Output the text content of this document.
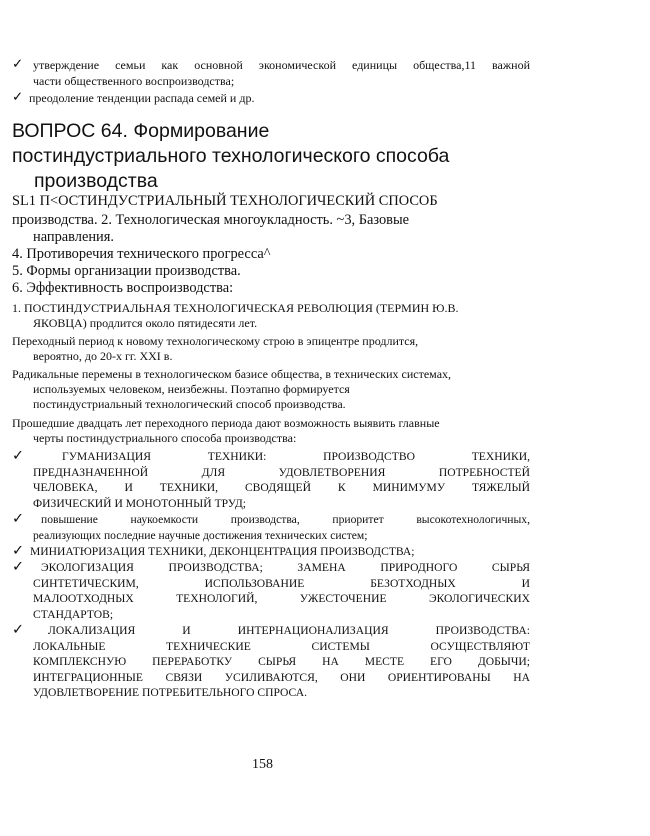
✓ утверждение семьи как основной экономической единицы общества,11 важной
части общественного воспроизводства;
✓ преодоление тенденции распада семей и др.
ВОПРОС 64. Формирование
постиндустриального технологического способа
производства
SL1 П<ОСТИНДУСТРИАЛЬНЫЙ ТЕХНОЛОГИЧЕСКИЙ СПОСОБ
производства. 2. Технологическая многоукладность. ~3, Базовые
направления.
4. Противоречия технического прогресса^
5. Формы организации производства.
6. Эффективность воспроизводства:
1. ПОСТИНДУСТРИАЛЬНАЯ ТЕХНОЛОГИЧЕСКАЯ РЕВОЛЮЦИЯ (ТЕРМИН Ю.В.
ЯКОВЦА) продлится около пятидесяти лет.
Переходный период к новому технологическому строю в эпицентре продлится,
вероятно, до 20-х гг. XXI в.
Радикальные перемены в технологическом базисе общества, в технических системах,
используемых человеком, неизбежны. Поэтапно формируется
постиндустриальный технологический способ производства.
Прошедшие двадцать лет переходного периода дают возможность выявить главные
черты постиндустриального способа производства:
✓	ГУМАНИЗАЦИЯ ТЕХНИКИ: ПРОИЗВОДСТВО ТЕХНИКИ,
ПРЕДНАЗНАЧЕННОЙ ДЛЯ УДОВЛЕТВОРЕНИЯ ПОТРЕБНОСТЕЙ
ЧЕЛОВЕКА, И ТЕХНИКИ, СВОДЯЩЕЙ К МИНИМУМУ ТЯЖЕЛЫЙ
ФИЗИЧЕСКИЙ И МОНОТОННЫЙ ТРУД;
✓	повышение наукоемкости производства, приоритет высокотехнологичных,
реализующих последние научные достижения технических систем;
✓ МИНИАТЮРИЗАЦИЯ ТЕХНИКИ, ДЕКОНЦЕНТРАЦИЯ ПРОИЗВОДСТВА;
✓	ЭКОЛОГИЗАЦИЯ ПРОИЗВОДСТВА; ЗАМЕНА ПРИРОДНОГО СЫРЬЯ
СИНТЕТИЧЕСКИМ, ИСПОЛЬЗОВАНИЕ БЕЗОТХОДНЫХ И
МАЛООТХОДНЫХ ТЕХНОЛОГИЙ, УЖЕСТОЧЕНИЕ ЭКОЛОГИЧЕСКИХ
СТАНДАРТОВ;
✓	ЛОКАЛИЗАЦИЯ И ИНТЕРНАЦИОНАЛИЗАЦИЯ ПРОИЗВОДСТВА:
ЛОКАЛЬНЫЕ ТЕХНИЧЕСКИЕ СИСТЕМЫ ОСУЩЕСТВЛЯЮТ
КОМПЛЕКСНУЮ ПЕРЕРАБОТКУ СЫРЬЯ НА МЕСТЕ ЕГО ДОБЫЧИ;
ИНТЕГРАЦИОННЫЕ СВЯЗИ УСИЛИВАЮТСЯ, ОНИ ОРИЕНТИРОВАНЫ НА
УДОВЛЕТВОРЕНИЕ ПОТРЕБИТЕЛЬНОГО СПРОСА.
158
